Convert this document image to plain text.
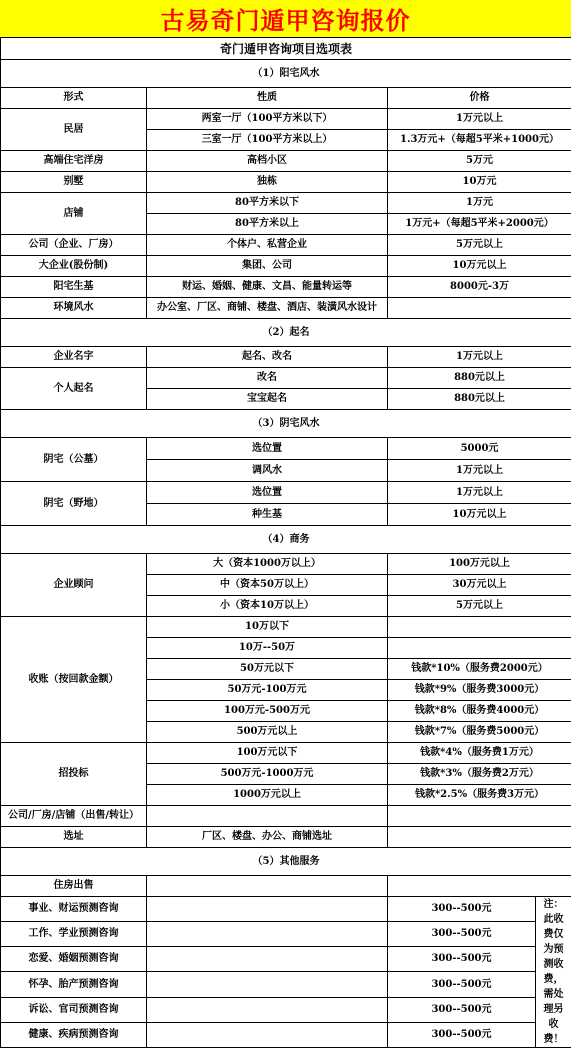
古易奇门遁甲咨询报价
奇门遁甲咨询项目选项表			
（1）阳宅风水			
形式	性质	价格	
民居	两室一厅（100平方米以下）	1万元以上	
	三室一厅（100平方米以上）	1.3万元+（每超5平米+1000元）	
高端住宅洋房	高档小区	5万元	
别墅	独栋	10万元	
店铺	80平方米以下	1万元	
	80平方米以上	1万元+（每超5平米+2000元）	
公司（企业、厂房）	个体户、私营企业	5万元以上	
大企业(股份制)	集团、公司	10万元以上	
阳宅生基	财运、婚姻、健康、文昌、能量转运等	8000元-3万	
环境风水	办公室、厂区、商铺、楼盘、酒店、装潢风水设计		
（2）起名			
企业名字	起名、改名	1万元以上	
个人起名	改名	880元以上	
	宝宝起名	880元以上	
（3）阴宅风水			
阴宅（公墓）	选位置	5000元	
	调风水	1万元以上	
阴宅（野地）	选位置	1万元以上	
	种生基	10万元以上	
（4）商务			
企业顾问	大（资本1000万以上）	100万元以上	
	中（资本50万以上）	30万元以上	
	小（资本10万以上）	5万元以上	
收账（按回款金额）	10万以下		
	10万--50万		
	50万元以下	钱款*10%（服务费2000元）	
	50万元-100万元	钱款*9%（服务费3000元）	
	100万元-500万元	钱款*8%（服务费4000元）	
	500万元以上	钱款*7%（服务费5000元）	
招投标	100万元以下	钱款*4%（服务费1万元）	
	500万元-1000万元	钱款*3%（服务费2万元）	
	1000万元以上	钱款*2.5%（服务费3万元）	
公司/厂房/店铺（出售/转让）			
选址	厂区、楼盘、办公、商铺选址		
（5）其他服务			
住房出售			
事业、财运预测咨询		300--500元	注：此收费仅为预测收费，需处理另收费！
工作、学业预测咨询		300--500元	
恋爱、婚姻预测咨询		300--500元	
怀孕、胎产预测咨询		300--500元	
诉讼、官司预测咨询		300--500元	
健康、疾病预测咨询		300--500元	
